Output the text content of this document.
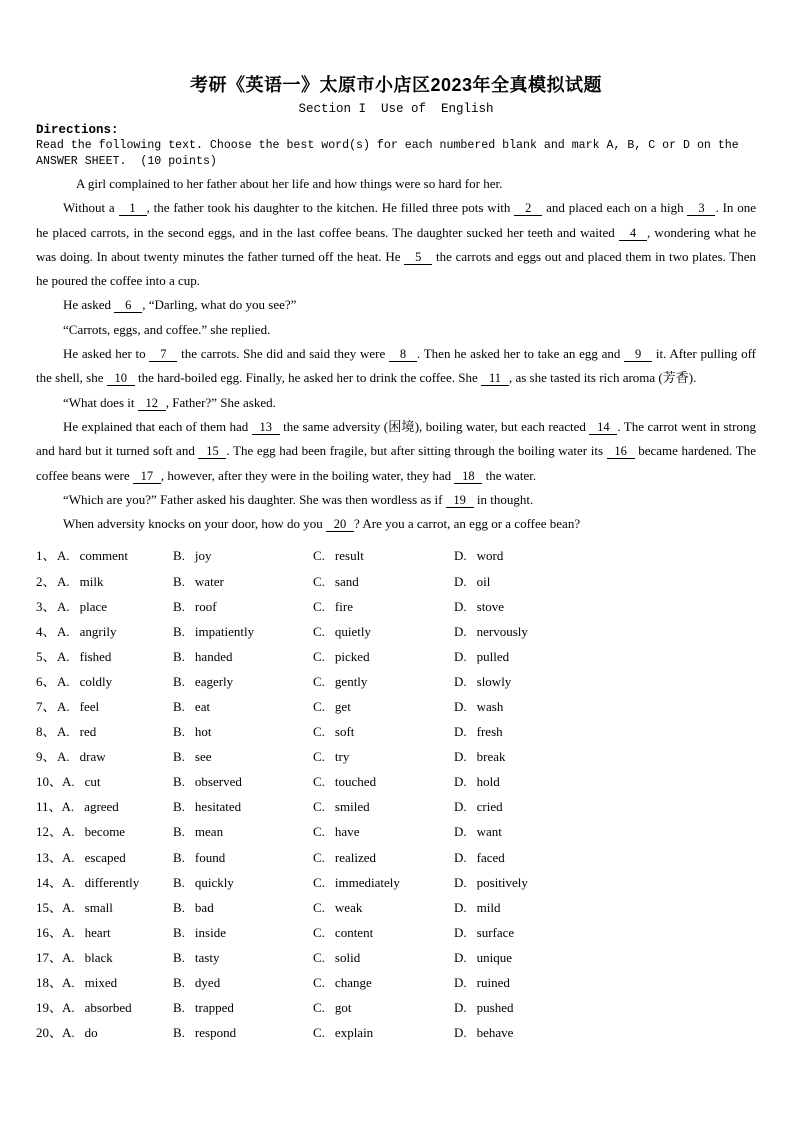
考研《英语一》太原市小店区2023年全真模拟试题
Section I  Use of  English
Directions:
Read the following text. Choose the best word(s) for each numbered blank and mark A, B, C or D on the
ANSWER SHEET.  (10 points)

A girl complained to her father about her life and how things were so hard for her.

Without a 1 , the father took his daughter to the kitchen. He filled three pots with 2 and placed each on a high 3 . In one he placed carrots, in the second eggs, and in the last coffee beans. The daughter sucked her teeth and waited 4 , wondering what he was doing. In about twenty minutes the father turned off the heat. He 5 the carrots and eggs out and placed them in two plates. Then he poured the coffee into a cup.

He asked 6 , “Darling, what do you see?”

“Carrots, eggs, and coffee.” she replied.

He asked her to 7 the carrots. She did and said they were 8 . Then he asked her to take an egg and 9 it. After pulling off the shell, she 10 the hard-boiled egg. Finally, he asked her to drink the coffee. She 11 , as she tasted its rich aroma (芳香).

“What does it 12 , Father?” She asked.

He explained that each of them had 13 the same adversity (困境), boiling water, but each reacted 14 . The carrot went in strong and hard but it turned soft and 15 . The egg had been fragile, but after sitting through the boiling water its 16 became hardened. The coffee beans were 17 , however, after they were in the boiling water, they had 18 the water.

“Which are you?” Father asked his daughter. She was then wordless as if 19 in thought.

When adversity knocks on your door, how do you 20 ? Are you a carrot, an egg or a coffee bean?

1、A. comment	B. joy	C. result	D. word
2、A. milk	B. water	C. sand	D. oil
3、A. place	B. roof	C. fire	D. stove
4、A. angrily	B. impatiently	C. quietly	D. nervously
5、A. fished	B. handed	C. picked	D. pulled
6、A. coldly	B. eagerly	C. gently	D. slowly
7、A. feel	B. eat	C. get	D. wash
8、A. red	B. hot	C. soft	D. fresh
9、A. draw	B. see	C. try	D. break
10、A. cut	B. observed	C. touched	D. hold
11、A. agreed	B. hesitated	C. smiled	D. cried
12、A. become	B. mean	C. have	D. want
13、A. escaped	B. found	C. realized	D. faced
14、A. differently	B. quickly	C. immediately	D. positively
15、A. small	B. bad	C. weak	D. mild
16、A. heart	B. inside	C. content	D. surface
17、A. black	B. tasty	C. solid	D. unique
18、A. mixed	B. dyed	C. change	D. ruined
19、A. absorbed	B. trapped	C. got	D. pushed
20、A. do	B. respond	C. explain	D. behave
